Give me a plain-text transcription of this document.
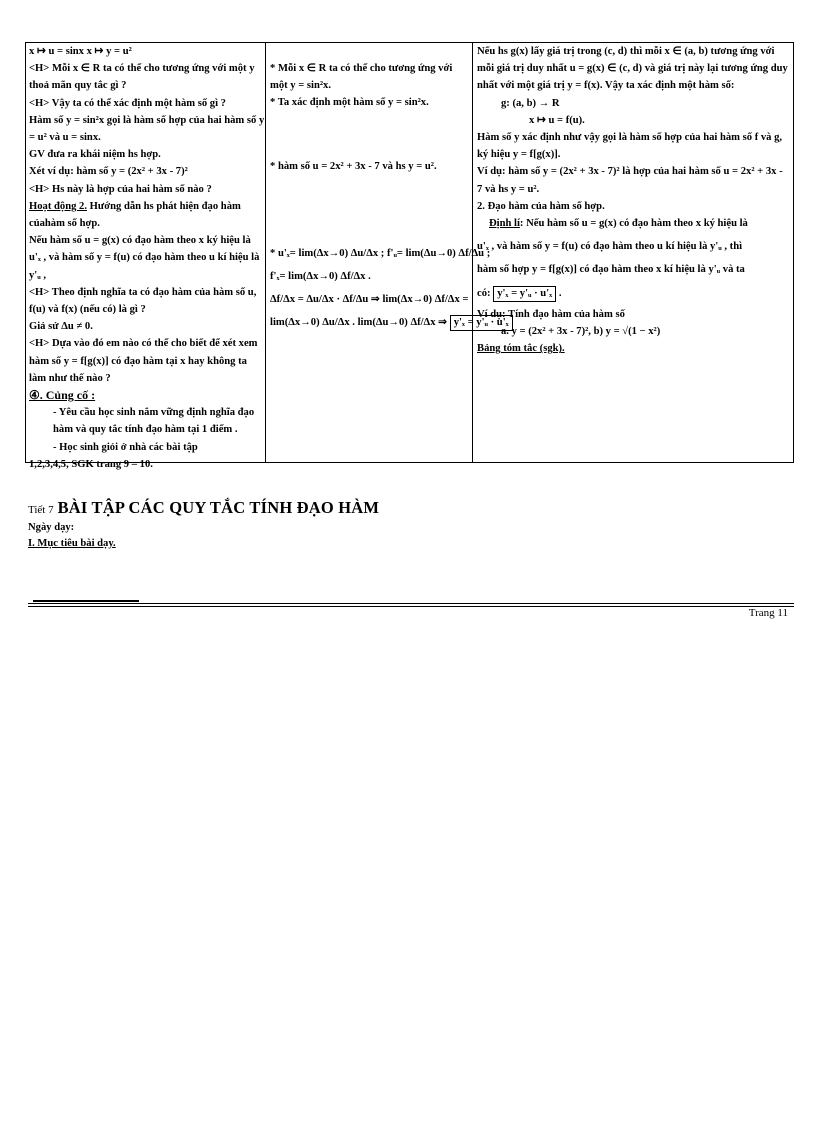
x ↦ u = sinx x ↦ y = u²
<H> Mỗi x ∈ R ta có thể cho tương ứng với một y thoả mãn quy tắc gì ?
<H> Vậy ta có thể xác định một hàm số gì ?
Hàm số y = sin²x gọi là hàm số hợp của hai hàm số y = u² và u = sinx.
GV đưa ra khái niệm hs hợp.
Xét ví dụ: hàm số y = (2x² + 3x - 7)²
<H> Hs này là hợp của hai hàm số nào ?
Hoạt động 2. Hướng dẫn hs phát hiện đạo hàm củahàm số hợp.
Nếu hàm số u = g(x) có đạo hàm theo x ký hiệu là u'ₓ , và hàm số y = f(u) có đạo hàm theo u kí hiệu là y'ᵤ ,
<H> Theo định nghĩa ta có đạo hàm của hàm số u, f(u) và f(x) (nếu có) là gì ?
Giả sử Δu ≠ 0.
<H> Dựa vào đó em nào có thể cho biết để xét xem hàm số y = f[g(x)] có đạo hàm tại x hay không ta làm như thế nào ?
④. Củng cố :
- Yêu cầu học sinh nắm vững định nghĩa đạo hàm và quy tắc tính đạo hàm tại 1 điểm .
- Học sinh giỏi ở nhà các bài tập
1,2,3,4,5, SGK trang 9 – 10.
* Mỗi x ∈ R ta có thể cho tương ứng với một y = sin²x.
* Ta xác định một hàm số y = sin²x.
* hàm số u = 2x² + 3x - 7 và hs y = u².
* u'ₓ= lim(Δx→0) Δu/Δx ; f'ᵤ= lim(Δu→0) Δf/Δu ;
f'ₓ= lim(Δx→0) Δf/Δx .
Δf/Δx = Δu/Δx · Δf/Δu ⇒ lim(Δx→0) Δf/Δx =
lim(Δx→0) Δu/Δx . lim(Δu→0) Δf/Δx ⇒ y'ₓ = y'ᵤ · u'ₓ
Nếu hs g(x) lấy giá trị trong (c, d) thì mỗi x ∈ (a, b) tương ứng với mỗi giá trị duy nhất u = g(x) ∈ (c, d) và giá trị này lại tương ứng duy nhất với một giá trị y = f(x). Vậy ta xác định một hàm số:
g: (a, b) → R
x ↦ u = f(u).
Hàm số y xác định như vậy gọi là hàm số hợp của hai hàm số f và g, ký hiệu y = f[g(x)].
Ví dụ: hàm số y = (2x² + 3x - 7)² là hợp của hai hàm số u = 2x² + 3x - 7 và hs y = u².
2. Đạo hàm của hàm số hợp.
Định lí: Nếu hàm số u = g(x) có đạo hàm theo x ký hiệu là
u'ₓ , và hàm số y = f(u) có đạo hàm theo u kí hiệu là y'ᵤ , thì
hàm số hợp y = f[g(x)] có đạo hàm theo x kí hiệu là y'ᵤ và ta
có: y'ₓ = y'ᵤ · u'ₓ .
Ví dụ: Tính đạo hàm của hàm số
a. y = (2x² + 3x - 7)², b) y = √(1 − x²)
Bảng tóm tắc (sgk).
Tiết 7 BÀI TẬP CÁC QUY TẮC TÍNH ĐẠO HÀM
Ngày dạy:
I. Mục tiêu bài dạy.
Trang 11
